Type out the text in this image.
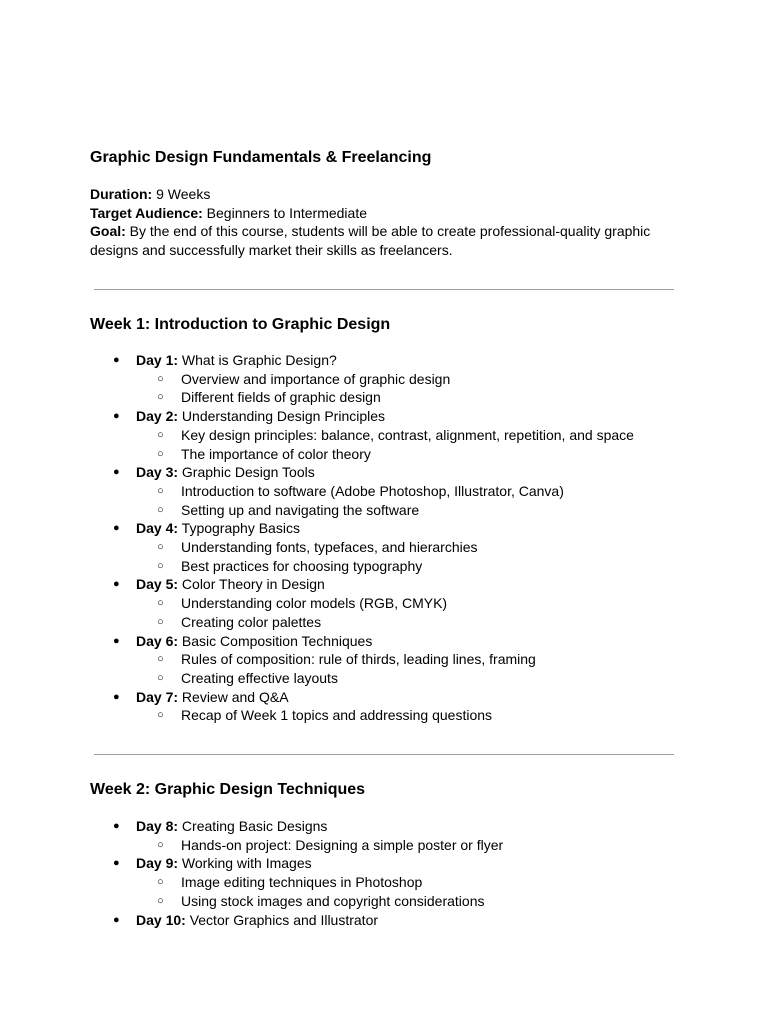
Graphic Design Fundamentals & Freelancing

Duration: 9 Weeks

Target Audience: Beginners to Intermediate

Goal: By the end of this course, students will be able to create professional-quality graphic designs and successfully market their skills as freelancers.

Week 1: Introduction to Graphic Design
● Day 1: What is Graphic Design?
○ Overview and importance of graphic design
○ Different fields of graphic design
● Day 2: Understanding Design Principles
○ Key design principles: balance, contrast, alignment, repetition, and space
○ The importance of color theory
● Day 3: Graphic Design Tools
○ Introduction to software (Adobe Photoshop, Illustrator, Canva)
○ Setting up and navigating the software
● Day 4: Typography Basics
○ Understanding fonts, typefaces, and hierarchies
○ Best practices for choosing typography
● Day 5: Color Theory in Design
○ Understanding color models (RGB, CMYK)
○ Creating color palettes
● Day 6: Basic Composition Techniques
○ Rules of composition: rule of thirds, leading lines, framing
○ Creating effective layouts
● Day 7: Review and Q&A
○ Recap of Week 1 topics and addressing questions
Week 2: Graphic Design Techniques
● Day 8: Creating Basic Designs
○ Hands-on project: Designing a simple poster or flyer
● Day 9: Working with Images
○ Image editing techniques in Photoshop
○ Using stock images and copyright considerations
● Day 10: Vector Graphics and Illustrator
